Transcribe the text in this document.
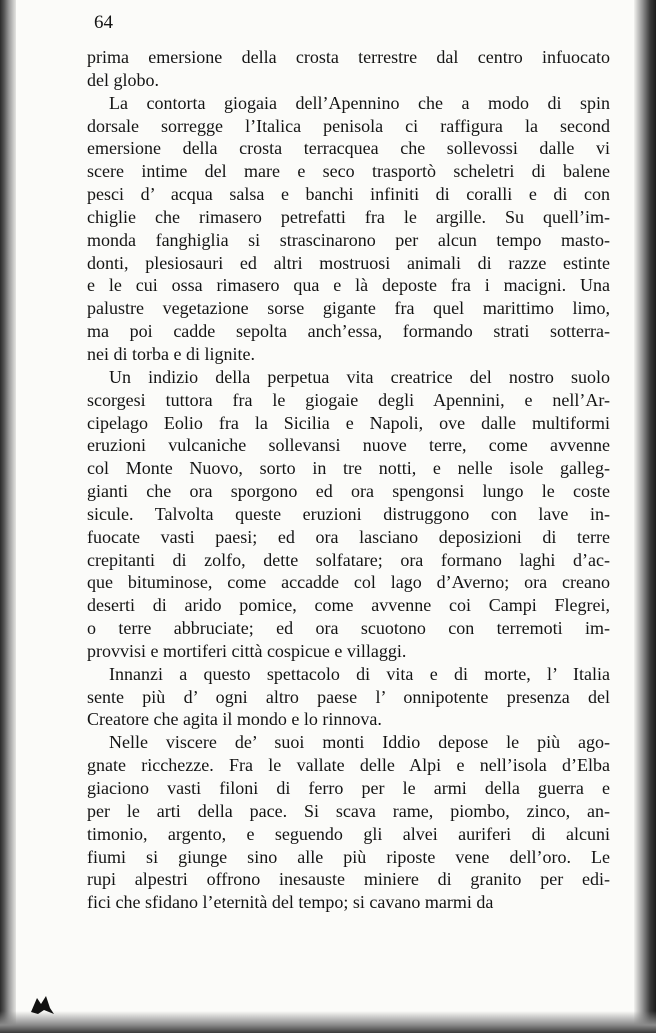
64

prima emersione della crosta terrestre dal centro infuocato
del globo.
La contorta giogaia dell’Apennino che a modo di spin
dorsale sorregge l’Italica penisola ci raffigura la second
emersione della crosta terracquea che sollevossi dalle vi
scere intime del mare e seco trasportò scheletri di balene
pesci d’ acqua salsa e banchi infiniti di coralli e di con
chiglie che rimasero petrefatti fra le argille. Su quell’im-
monda fanghiglia si strascinarono per alcun tempo masto-
donti, plesiosauri ed altri mostruosi animali di razze estinte
e le cui ossa rimasero qua e là deposte fra i macigni. Una
palustre vegetazione sorse gigante fra quel marittimo limo,
ma poi cadde sepolta anch’essa, formando strati sotterra-
nei di torba e di lignite.
Un indizio della perpetua vita creatrice del nostro suolo
scorgesi tuttora fra le giogaie degli Apennini, e nell’Ar-
cipelago Eolio fra la Sicilia e Napoli, ove dalle multiformi
eruzioni vulcaniche sollevansi nuove terre, come avvenne
col Monte Nuovo, sorto in tre notti, e nelle isole galleg-
gianti che ora sporgono ed ora spengonsi lungo le coste
sicule. Talvolta queste eruzioni distruggono con lave in-
fuocate vasti paesi; ed ora lasciano deposizioni di terre
crepitanti di zolfo, dette solfatare; ora formano laghi d’ac-
que bituminose, come accadde col lago d’Averno; ora creano
deserti di arido pomice, come avvenne coi Campi Flegrei,
o terre abbruciate; ed ora scuotono con terremoti im-
provvisi e mortiferi città cospicue e villaggi.
Innanzi a questo spettacolo di vita e di morte, l’ Italia
sente più d’ ogni altro paese l’ onnipotente presenza del
Creatore che agita il mondo e lo rinnova.
Nelle viscere de’ suoi monti Iddio depose le più ago-
gnate ricchezze. Fra le vallate delle Alpi e nell’isola d’Elba
giaciono vasti filoni di ferro per le armi della guerra e
per le arti della pace. Si scava rame, piombo, zinco, an-
timonio, argento, e seguendo gli alvei auriferi di alcuni
fiumi si giunge sino alle più riposte vene dell’oro. Le
rupi alpestri offrono inesauste miniere di granito per edi-
fici che sfidano l’eternità del tempo; si cavano marmi da
